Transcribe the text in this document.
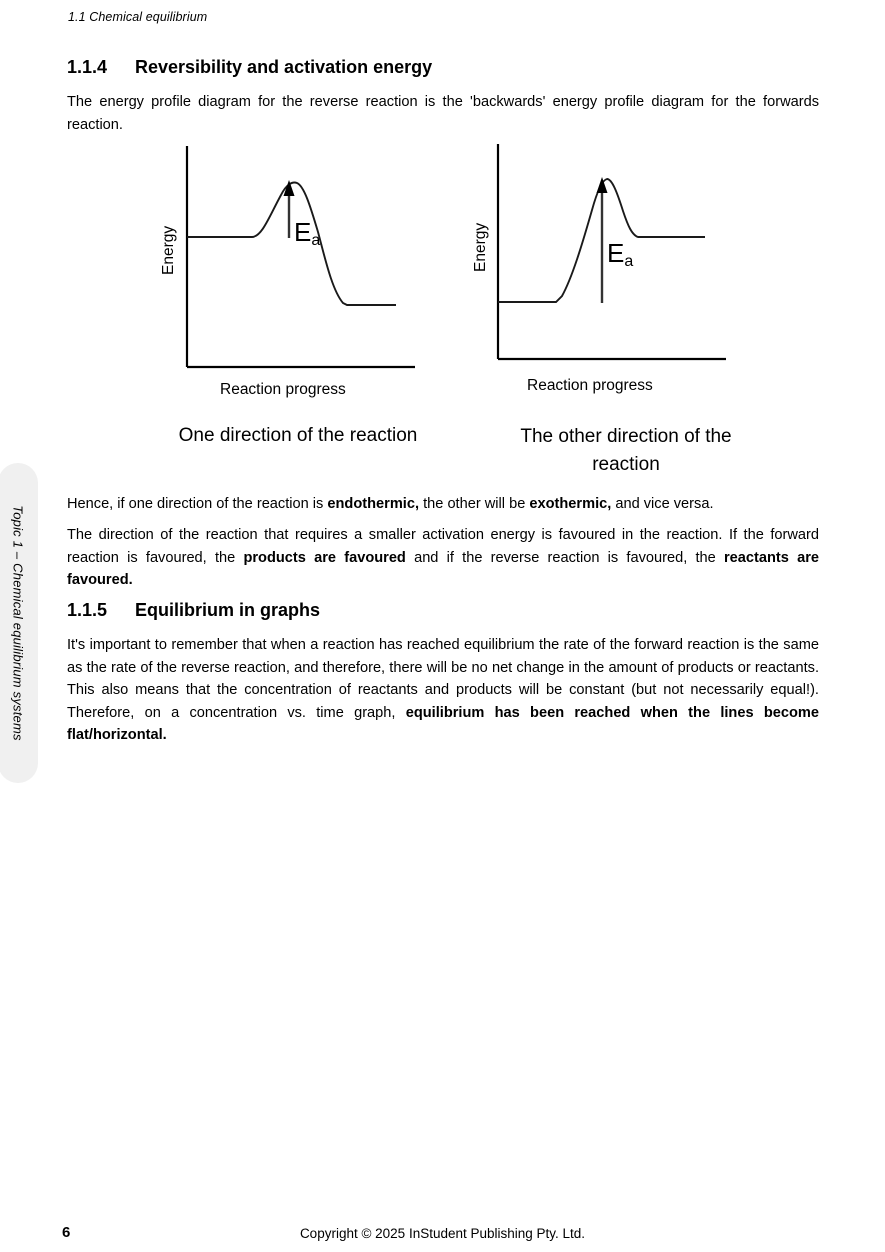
1.1 Chemical equilibrium
Topic 1 – Chemical equilibrium systems
1.1.4 Reversibility and activation energy
The energy profile diagram for the reverse reaction is the 'backwards' energy profile diagram for the forwards reaction.
Energy	Energy
Reaction progress	Reaction progress
$E_a$	$E_a$
One direction of the reaction	The other direction of the reaction
Hence, if one direction of the reaction is endothermic, the other will be exothermic, and vice versa.
The direction of the reaction that requires a smaller activation energy is favoured in the reaction. If the forward reaction is favoured, the products are favoured and if the reverse reaction is favoured, the reactants are favoured.
1.1.5 Equilibrium in graphs
It's important to remember that when a reaction has reached equilibrium the rate of the forward reaction is the same as the rate of the reverse reaction, and therefore, there will be no net change in the amount of products or reactants. This also means that the concentration of reactants and products will be constant (but not necessarily equal!). Therefore, on a concentration vs. time graph, equilibrium has been reached when the lines become flat/horizontal.
6	Copyright © 2025 InStudent Publishing Pty. Ltd.
